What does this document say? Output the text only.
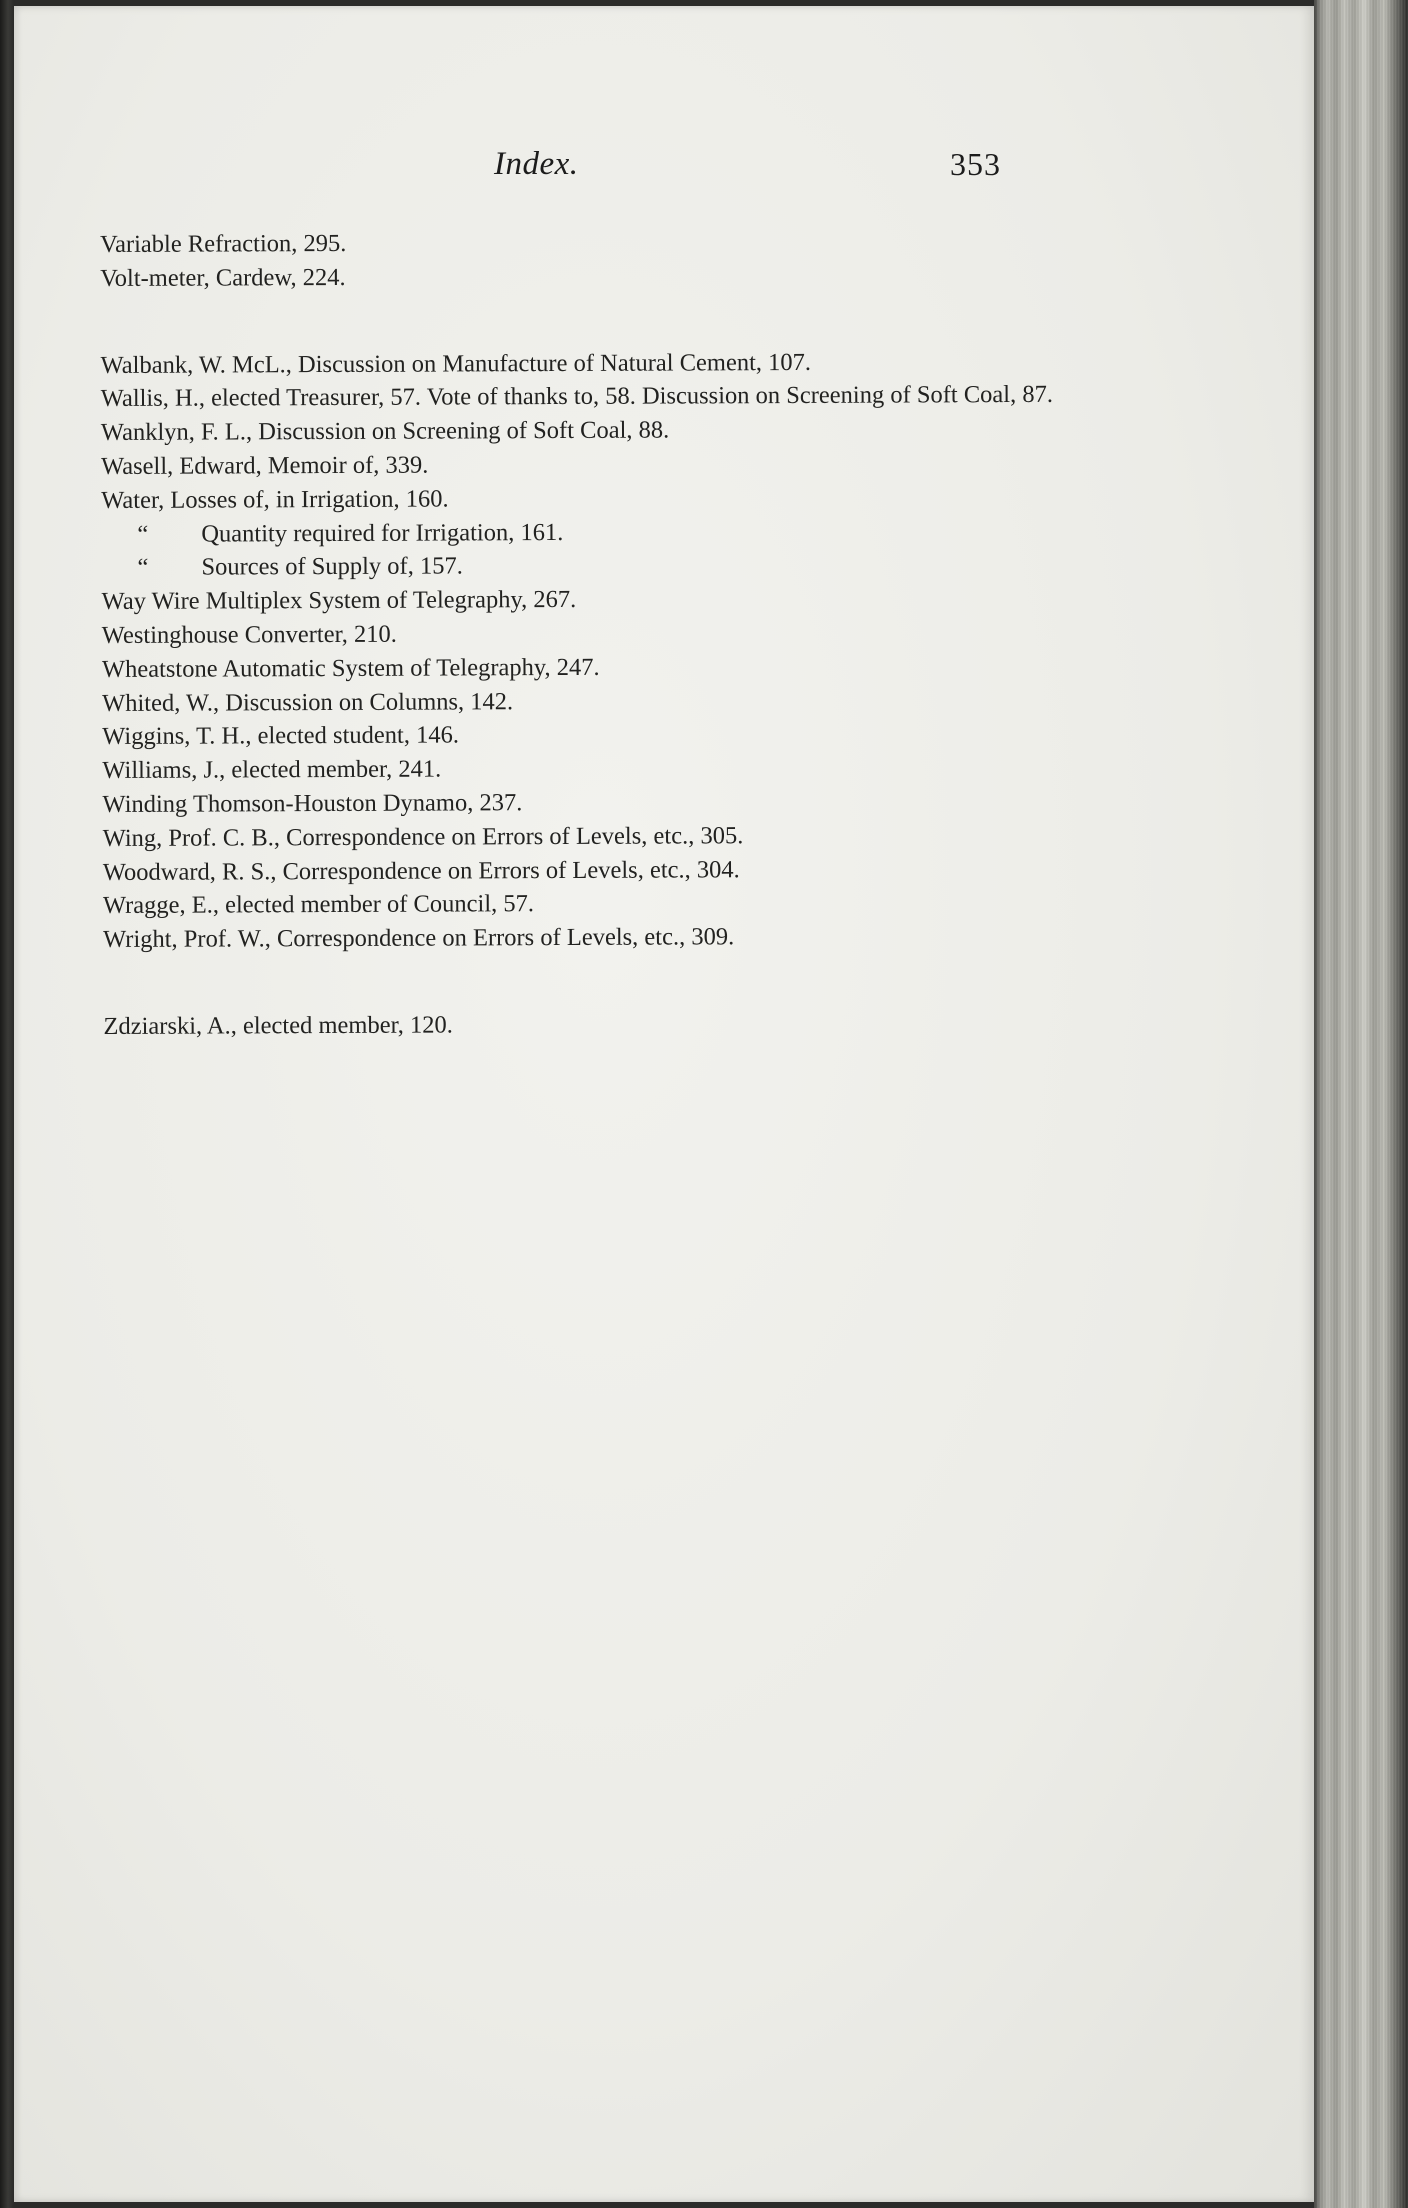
Index.	353

Variable Refraction, 295.

Volt-meter, Cardew, 224.

Walbank, W. McL., Discussion on Manufacture of Natural Cement, 107.

Wallis, H., elected Treasurer, 57. Vote of thanks to, 58. Discussion on Screening of Soft Coal, 87.

Wanklyn, F. L., Discussion on Screening of Soft Coal, 88.

Wasell, Edward, Memoir of, 339.

Water, Losses of, in Irrigation, 160.

“ Quantity required for Irrigation, 161.

“ Sources of Supply of, 157.

Way Wire Multiplex System of Telegraphy, 267.

Westinghouse Converter, 210.

Wheatstone Automatic System of Telegraphy, 247.

Whited, W., Discussion on Columns, 142.

Wiggins, T. H., elected student, 146.

Williams, J., elected member, 241.

Winding Thomson-Houston Dynamo, 237.

Wing, Prof. C. B., Correspondence on Errors of Levels, etc., 305.

Woodward, R. S., Correspondence on Errors of Levels, etc., 304.

Wragge, E., elected member of Council, 57.

Wright, Prof. W., Correspondence on Errors of Levels, etc., 309.

Zdziarski, A., elected member, 120.
